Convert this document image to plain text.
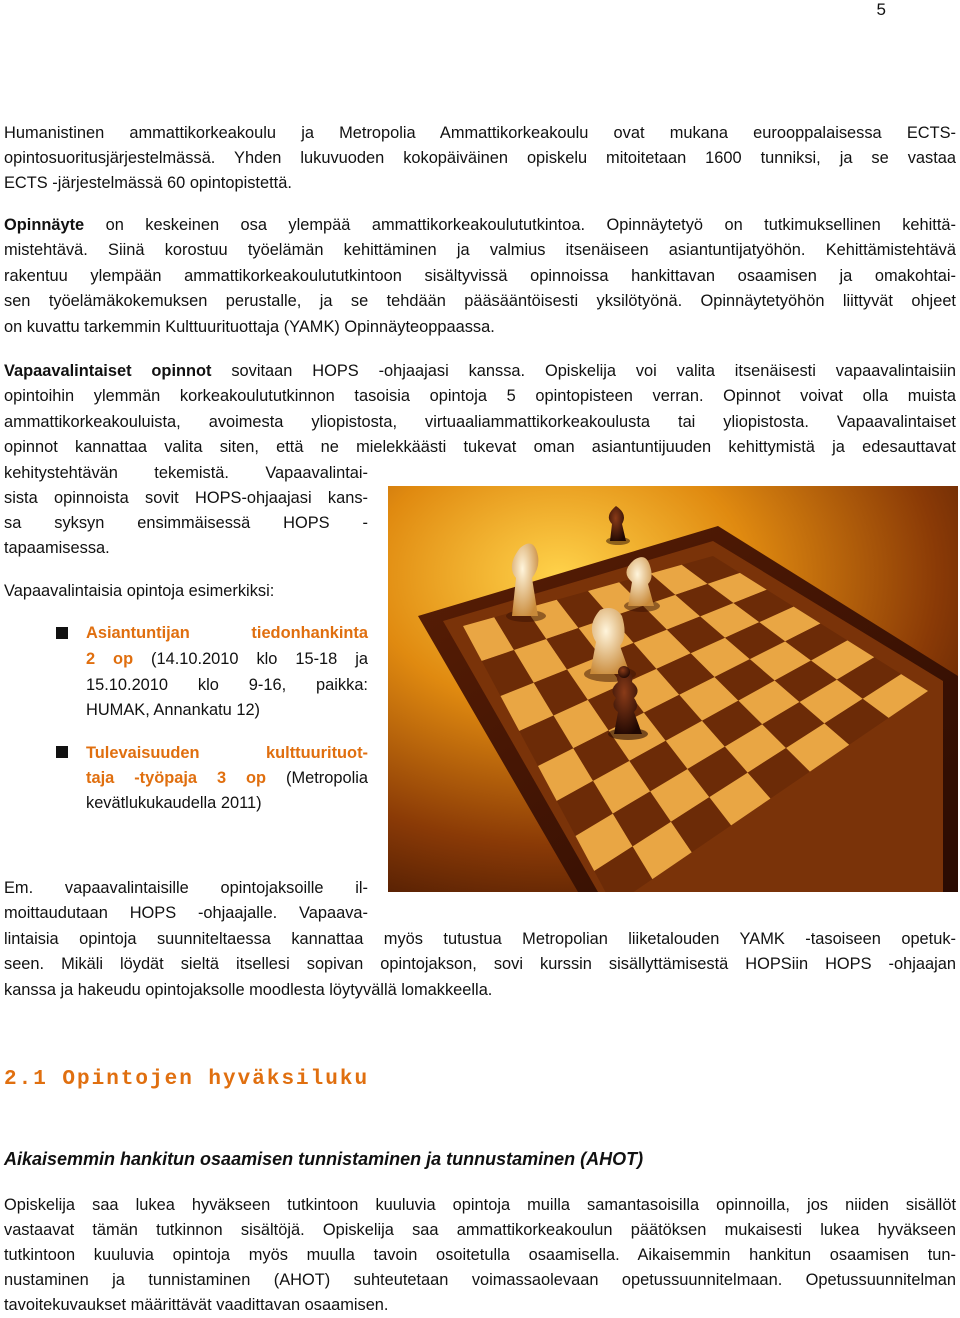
5
Humanistinen ammattikorkeakoulu ja Metropolia Ammattikorkeakoulu ovat mukana eurooppalaisessa ECTS-
opintosuoritusjärjestelmässä. Yhden lukuvuoden kokopäiväinen opiskelu mitoitetaan 1600 tunniksi, ja se vastaa
ECTS -järjestelmässä 60 opintopistettä.
Opinnäyte on keskeinen osa ylempää ammattikorkeakoulututkintoa. Opinnäytetyö on tutkimuksellinen kehittä-
mistehtävä. Siinä korostuu työelämän kehittäminen ja valmius itsenäiseen asiantuntijatyöhön. Kehittämistehtävä
rakentuu ylempään ammattikorkeakoulututkintoon sisältyvissä opinnoissa hankittavan osaamisen ja omakohtai-
sen työelämäkokemuksen perustalle, ja se tehdään pääsääntöisesti yksilötyönä. Opinnäytetyöhön liittyvät ohjeet
on kuvattu tarkemmin Kulttuurituottaja (YAMK) Opinnäyteoppaassa.
Vapaavalintaiset opinnot sovitaan HOPS -ohjaajasi kanssa. Opiskelija voi valita itsenäisesti vapaavalintaisiin
opintoihin ylemmän korkeakoulututkinnon tasoisia opintoja 5 opintopisteen verran. Opinnot voivat olla muista
ammattikorkeakouluista, avoimesta yliopistosta, virtuaaliammattikorkeakoulusta tai yliopistosta. Vapaavalintaiset
opinnot kannattaa valita siten, että ne mielekkäästi tukevat oman asiantuntijuuden kehittymistä ja edesauttavat
kehitystehtävän tekemistä. Vapaavalintai-
sista opinnoista sovit HOPS-ohjaajasi kans-
sa syksyn ensimmäisessä HOPS -
tapaamisessa.
Vapaavalintaisia opintoja esimerkiksi:
Asiantuntijan tiedonhankinta
2 op (14.10.2010 klo 15-18 ja
15.10.2010 klo 9-16, paikka:
HUMAK, Annankatu 12)
Tulevaisuuden kulttuurituot-
taja -työpaja 3 op (Metropolia
kevätlukukaudella 2011)
Em. vapaavalintaisille opintojaksoille il-
moittaudutaan HOPS -ohjaajalle. Vapaava-
lintaisia opintoja suunniteltaessa kannattaa myös tutustua Metropolian liiketalouden YAMK -tasoiseen opetuk-
seen. Mikäli löydät sieltä itsellesi sopivan opintojakson, sovi kurssin sisällyttämisestä HOPSiin HOPS -ohjaajan
kanssa ja hakeudu opintojaksolle moodlesta löytyvällä lomakkeella.
2.1 Opintojen hyväksiluku
Aikaisemmin hankitun osaamisen tunnistaminen ja tunnustaminen (AHOT)
Opiskelija saa lukea hyväkseen tutkintoon kuuluvia opintoja muilla samantasoisilla opinnoilla, jos niiden sisällöt
vastaavat tämän tutkinnon sisältöjä. Opiskelija saa ammattikorkeakoulun päätöksen mukaisesti lukea hyväkseen
tutkintoon kuuluvia opintoja myös muulla tavoin osoitetulla osaamisella. Aikaisemmin hankitun osaamisen tun-
nustaminen ja tunnistaminen (AHOT) suhteutetaan voimassaolevaan opetussuunnitelmaan. Opetussuunnitelman
tavoitekuvaukset määrittävät vaadittavan osaamisen.
